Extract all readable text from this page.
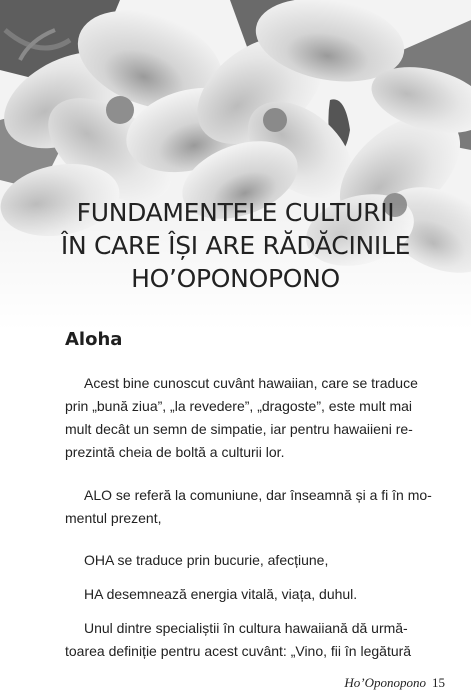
FUNDAMENTELE CULTURII
ÎN CARE ÎȘI ARE RĂDĂCINILE
HO’OPONOPONO
Aloha
Acest bine cunoscut cuvânt hawaiian, care se traduce
prin „bună ziua”, „la revedere”, „dragoste”, este mult mai
mult decât un semn de simpatie, iar pentru hawaiieni re-
prezintă cheia de boltă a culturii lor.
ALO se referă la comuniune, dar înseamnă și a fi în mo-
mentul prezent,
OHA se traduce prin bucurie, afecțiune,
HA desemnează energia vitală, viața, duhul.
Unul dintre specialiștii în cultura hawaiiană dă urmă-
toarea definiție pentru acest cuvânt: „Vino, fii în legătură
Ho’Oponopono 15
